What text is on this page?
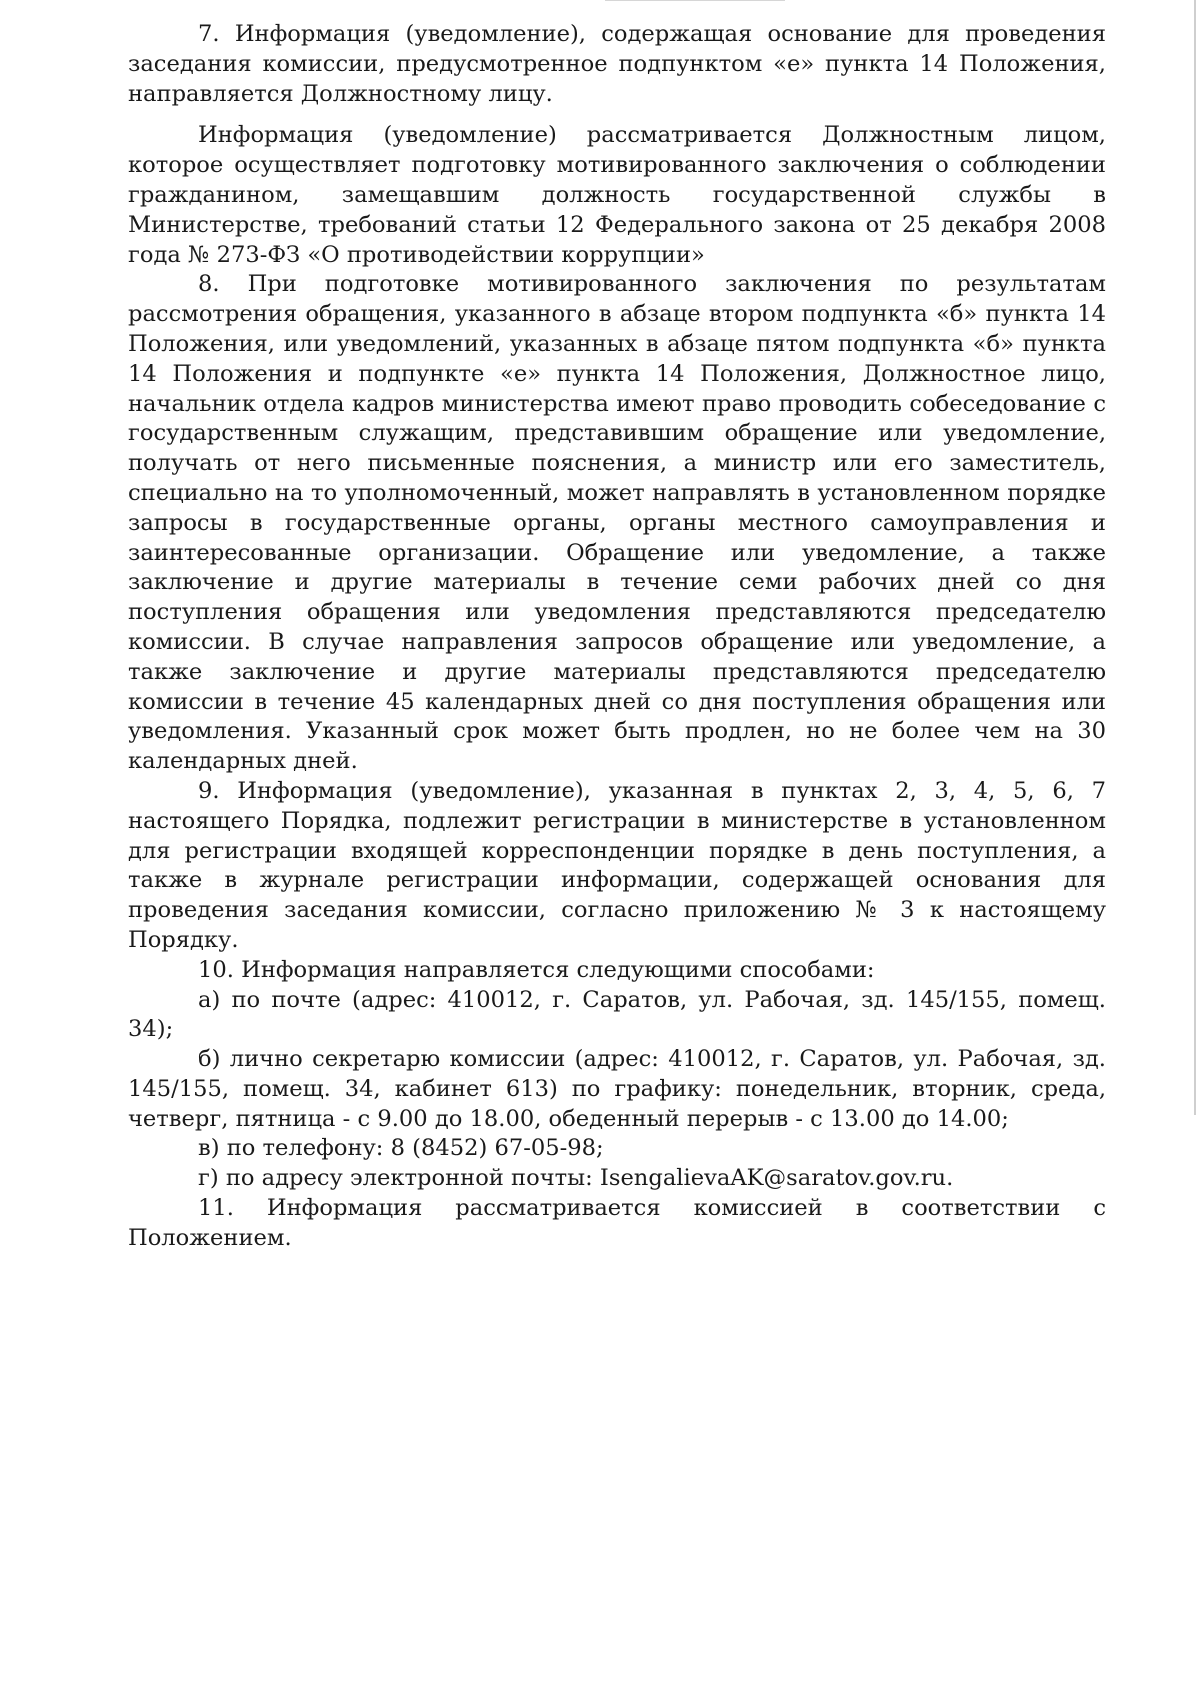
7. Информация (уведомление), содержащая основание для проведения заседания комиссии, предусмотренное подпунктом «е» пункта 14 Положения, направляется Должностному лицу.

Информация (уведомление) рассматривается Должностным лицом, которое осуществляет подготовку мотивированного заключения о соблюдении гражданином, замещавшим должность государственной службы в Министерстве, требований статьи 12 Федерального закона от 25 декабря 2008 года № 273-ФЗ «О противодействии коррупции»

8. При подготовке мотивированного заключения по результатам рассмотрения обращения, указанного в абзаце втором подпункта «б» пункта 14 Положения, или уведомлений, указанных в абзаце пятом подпункта «б» пункта 14 Положения и подпункте «е» пункта 14 Положения, Должностное лицо, начальник отдела кадров министерства имеют право проводить собеседование с государственным служащим, представившим обращение или уведомление, получать от него письменные пояснения, а министр или его заместитель, специально на то уполномоченный, может направлять в установленном порядке запросы в государственные органы, органы местного самоуправления и заинтересованные организации. Обращение или уведомление, а также заключение и другие материалы в течение семи рабочих дней со дня поступления обращения или уведомления представляются председателю комиссии. В случае направления запросов обращение или уведомление, а также заключение и другие материалы представляются председателю комиссии в течение 45 календарных дней со дня поступления обращения или уведомления. Указанный срок может быть продлен, но не более чем на 30 календарных дней.

9. Информация (уведомление), указанная в пунктах 2, 3, 4, 5, 6, 7 настоящего Порядка, подлежит регистрации в министерстве в установленном для регистрации входящей корреспонденции порядке в день поступления, а также в журнале регистрации информации, содержащей основания для проведения заседания комиссии, согласно приложению № 3 к настоящему Порядку.

10. Информация направляется следующими способами:

а) по почте (адрес: 410012, г. Саратов, ул. Рабочая, зд. 145/155, помещ. 34);

б) лично секретарю комиссии (адрес: 410012, г. Саратов, ул. Рабочая, зд. 145/155, помещ. 34, кабинет 613) по графику: понедельник, вторник, среда, четверг, пятница - с 9.00 до 18.00, обеденный перерыв - с 13.00 до 14.00;

в) по телефону: 8 (8452) 67-05-98;

г) по адресу электронной почты: IsengalievaAK@saratov.gov.ru.

11. Информация рассматривается комиссией в соответствии с Положением.
